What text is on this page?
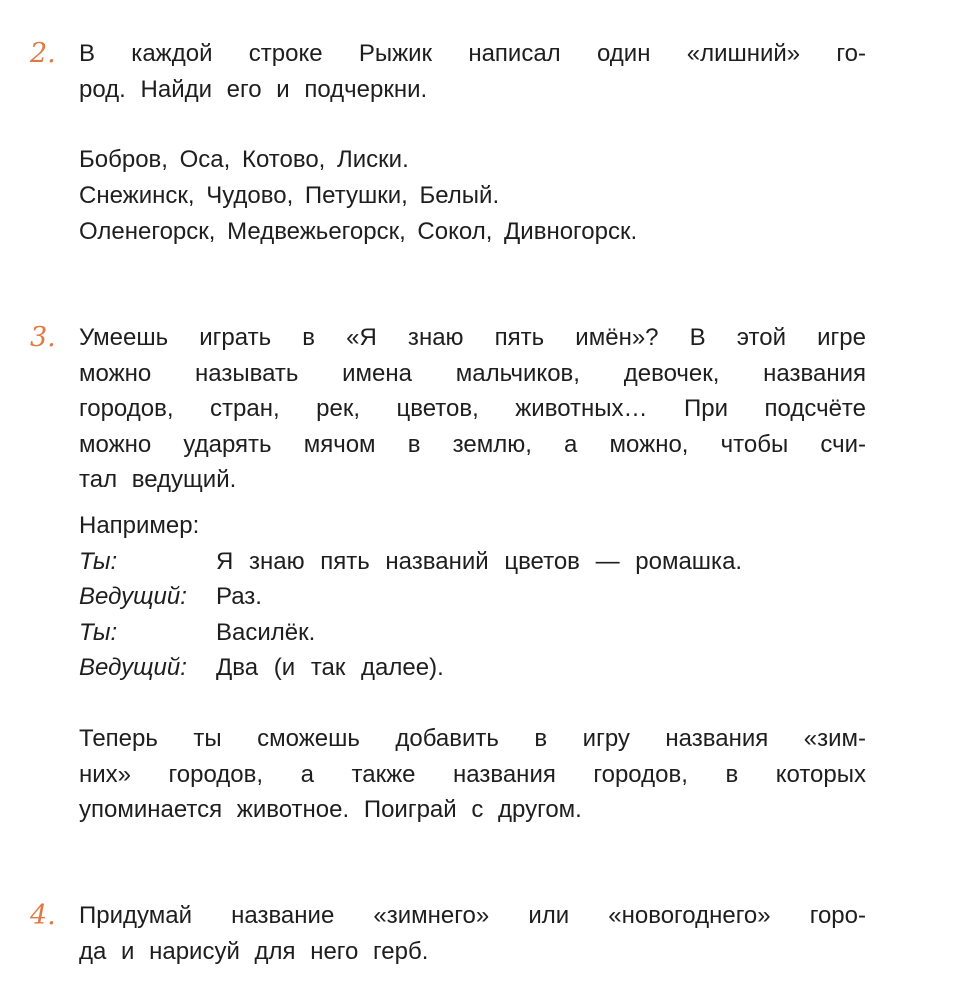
2. В каждой строке Рыжик написал один «лишний» го-
род. Найди его и подчеркни.
Бобров, Оса, Котово, Лиски.
Снежинск, Чудово, Петушки, Белый.
Оленегорск, Медвежьегорск, Сокол, Дивногорск.
3. Умеешь играть в «Я знаю пять имён»? В этой игре
можно называть имена мальчиков, девочек, названия
городов, стран, рек, цветов, животных… При подсчёте
можно ударять мячом в землю, а можно, чтобы счи-
тал ведущий.
Например:
Ты:	Я знаю пять названий цветов — ромашка.
Ведущий:	Раз.
Ты:	Василёк.
Ведущий:	Два (и так далее).
Теперь ты сможешь добавить в игру названия «зим-
них» городов, а также названия городов, в которых
упоминается животное. Поиграй с другом.
4. Придумай название «зимнего» или «новогоднего» горо-
да и нарисуй для него герб.
